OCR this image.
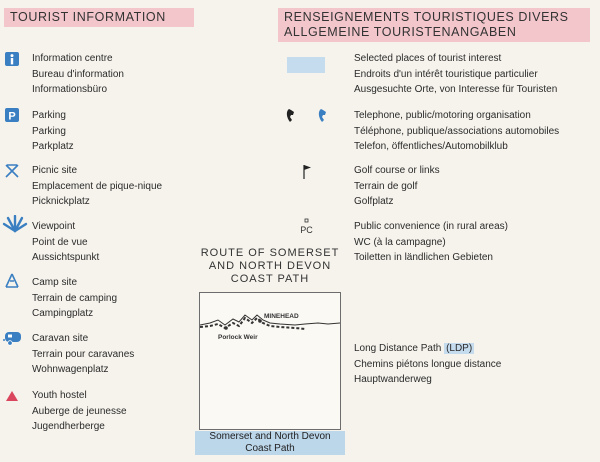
TOURIST INFORMATION	RENSEIGNEMENTS TOURISTIQUES DIVERS
ALLGEMEINE TOURISTENANGABEN
Information centre
Bureau d'information
Informationsbüro
P Parking
Parking
Parkplatz
Picnic site
Emplacement de pique-nique
Picknickplatz
Viewpoint
Point de vue
Aussichtspunkt
Camp site
Terrain de camping
Campingplatz
Caravan site
Terrain pour caravanes
Wohnwagenplatz
Youth hostel
Auberge de jeunesse
Jugendherberge
Selected places of tourist interest
Endroits d'un intérêt touristique particulier
Ausgesuchte Orte, von Interesse für Touristen
Telephone, public/motoring organisation
Téléphone, publique/associations automobiles
Telefon, öffentliches/Automobilklub
Golf course or links
Terrain de golf
Golfplatz
PC	Public convenience (in rural areas)
WC (à la campagne)
Toiletten in ländlichen Gebieten
Long Distance Path (LDP)
Chemins piétons longue distance
Hauptwanderweg
ROUTE OF SOMERSET
AND NORTH DEVON
COAST PATH
MINEHEAD
Porlock Weir
Somerset and North Devon
Coast Path
